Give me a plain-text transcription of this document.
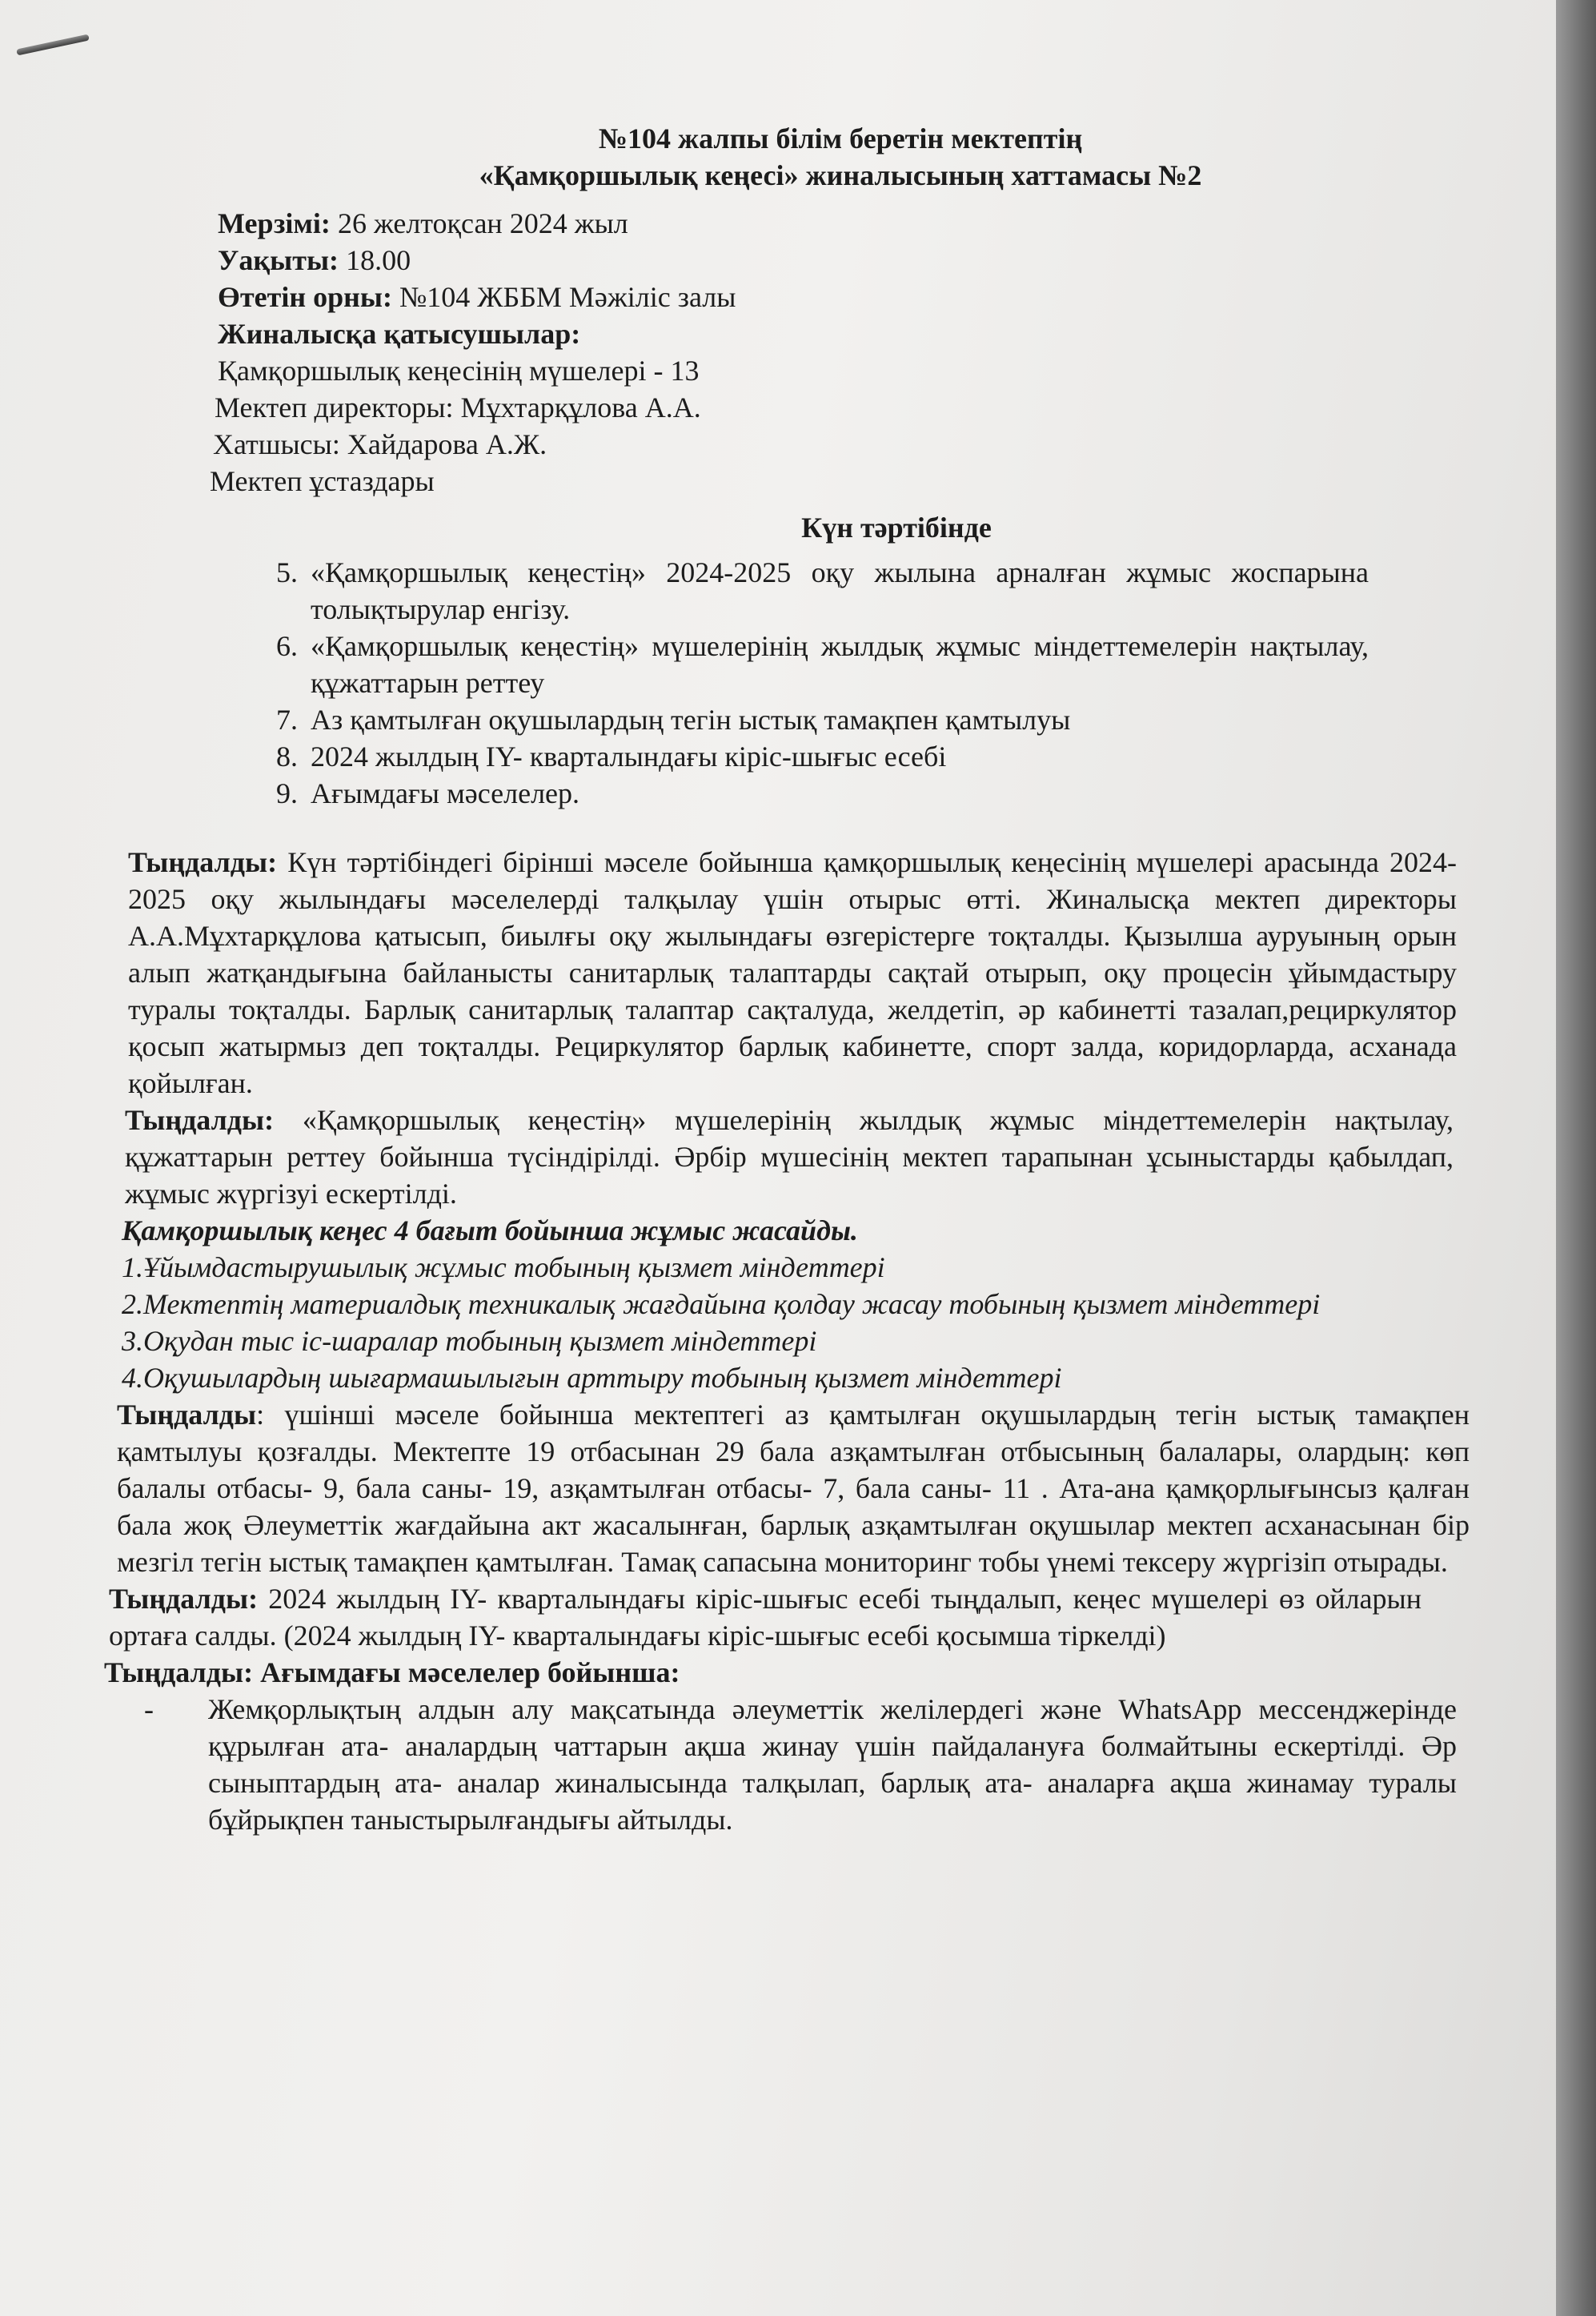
№104 жалпы білім беретін мектептің
«Қамқоршылық кеңесі» жиналысының хаттамасы №2
Мерзімі: 26 желтоқсан 2024 жыл
Уақыты: 18.00
Өтетін орны: №104 ЖББМ Мәжіліс залы
Жиналысқа қатысушылар:
Қамқоршылық кеңесінің мүшелері - 13
Мектеп директоры: Мұхтарқұлова А.А.
Хатшысы: Хайдарова А.Ж.
Мектеп ұстаздары
Күн тәртібінде
5. «Қамқоршылық кеңестің» 2024-2025 оқу жылына арналған жұмыс жоспарына толықтырулар енгізу.
6. «Қамқоршылық кеңестің» мүшелерінің жылдық жұмыс міндеттемелерін нақтылау, құжаттарын реттеу
7. Аз қамтылған оқушылардың тегін ыстық тамақпен қамтылуы
8. 2024 жылдың IY- кварталындағы кіріс-шығыс есебі
9. Ағымдағы мәселелер.

Тыңдалды: Күн тәртібіндегі бірінші мәселе бойынша қамқоршылық кеңесінің мүшелері арасында 2024-2025 оқу жылындағы мәселелерді талқылау үшін отырыс өтті. Жиналысқа мектеп директоры А.А.Мұхтарқұлова қатысып, биылғы оқу жылындағы өзгерістерге тоқталды. Қызылша ауруының орын алып жатқандығына байланысты санитарлық талаптарды сақтай отырып, оқу процесін ұйымдастыру туралы тоқталды. Барлық санитарлық талаптар сақталуда, желдетіп, әр кабинетті тазалап,рециркулятор қосып жатырмыз деп тоқталды. Рециркулятор барлық кабинетте, спорт залда, коридорларда, асханада қойылған.

Тыңдалды: «Қамқоршылық кеңестің» мүшелерінің жылдық жұмыс міндеттемелерін нақтылау, құжаттарын реттеу бойынша түсіндірілді. Әрбір мүшесінің мектеп тарапынан ұсыныстарды қабылдап, жұмыс жүргізуі ескертілді.

Қамқоршылық кеңес 4 бағыт бойынша жұмыс жасайды.
1.Ұйымдастырушылық жұмыс тобының қызмет міндеттері
2.Мектептің материалдық техникалық жағдайына қолдау жасау тобының қызмет міндеттері
3.Оқудан тыс іс-шаралар тобының қызмет міндеттері
4.Оқушылардың шығармашылығын арттыру тобының қызмет міндеттері

Тыңдалды: үшінші мәселе бойынша мектептегі аз қамтылған оқушылардың тегін ыстық тамақпен қамтылуы қозғалды. Мектепте 19 отбасынан 29 бала азқамтылған отбысының балалары, олардың: көп балалы отбасы- 9, бала саны- 19, азқамтылған отбасы- 7, бала саны- 11 . Ата-ана қамқорлығынсыз қалған бала жоқ Әлеуметтік жағдайына акт жасалынған, барлық азқамтылған оқушылар мектеп асханасынан бір мезгіл тегін ыстық тамақпен қамтылған. Тамақ сапасына мониторинг тобы үнемі тексеру жүргізіп отырады.

Тыңдалды: 2024 жылдың IY- кварталындағы кіріс-шығыс есебі тыңдалып, кеңес мүшелері өз ойларын ортаға салды. (2024 жылдың IY- кварталындағы кіріс-шығыс есебі қосымша тіркелді)

Тыңдалды: Ағымдағы мәселелер бойынша:

-	Жемқорлықтың алдын алу мақсатында әлеуметтік желілердегі және WhatsApp мессенджерінде құрылған ата- аналардың чаттарын ақша жинау үшін пайдалануға болмайтыны ескертілді. Әр сыныптардың ата- аналар жиналысында талқылап, барлық ата- аналарға ақша жинамау туралы бұйрықпен таныстырылғандығы айтылды.
